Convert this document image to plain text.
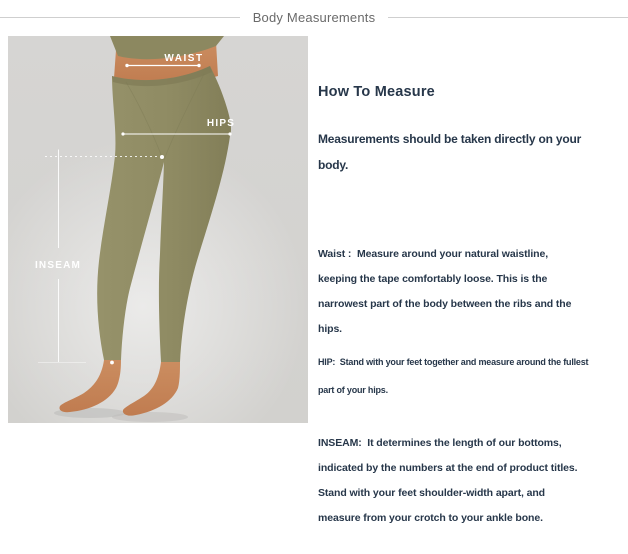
Body Measurements
WAIST
HIPS
INSEAM
How To Measure
Measurements should be taken directly on your
body.
Waist :  Measure around your natural waistline,
keeping the tape comfortably loose. This is the
narrowest part of the body between the ribs and the
hips.
HIP:  Stand with your feet together and measure around the fullest
part of your hips.
INSEAM:  It determines the length of our bottoms,
indicated by the numbers at the end of product titles.
Stand with your feet shoulder-width apart, and
measure from your crotch to your ankle bone.
